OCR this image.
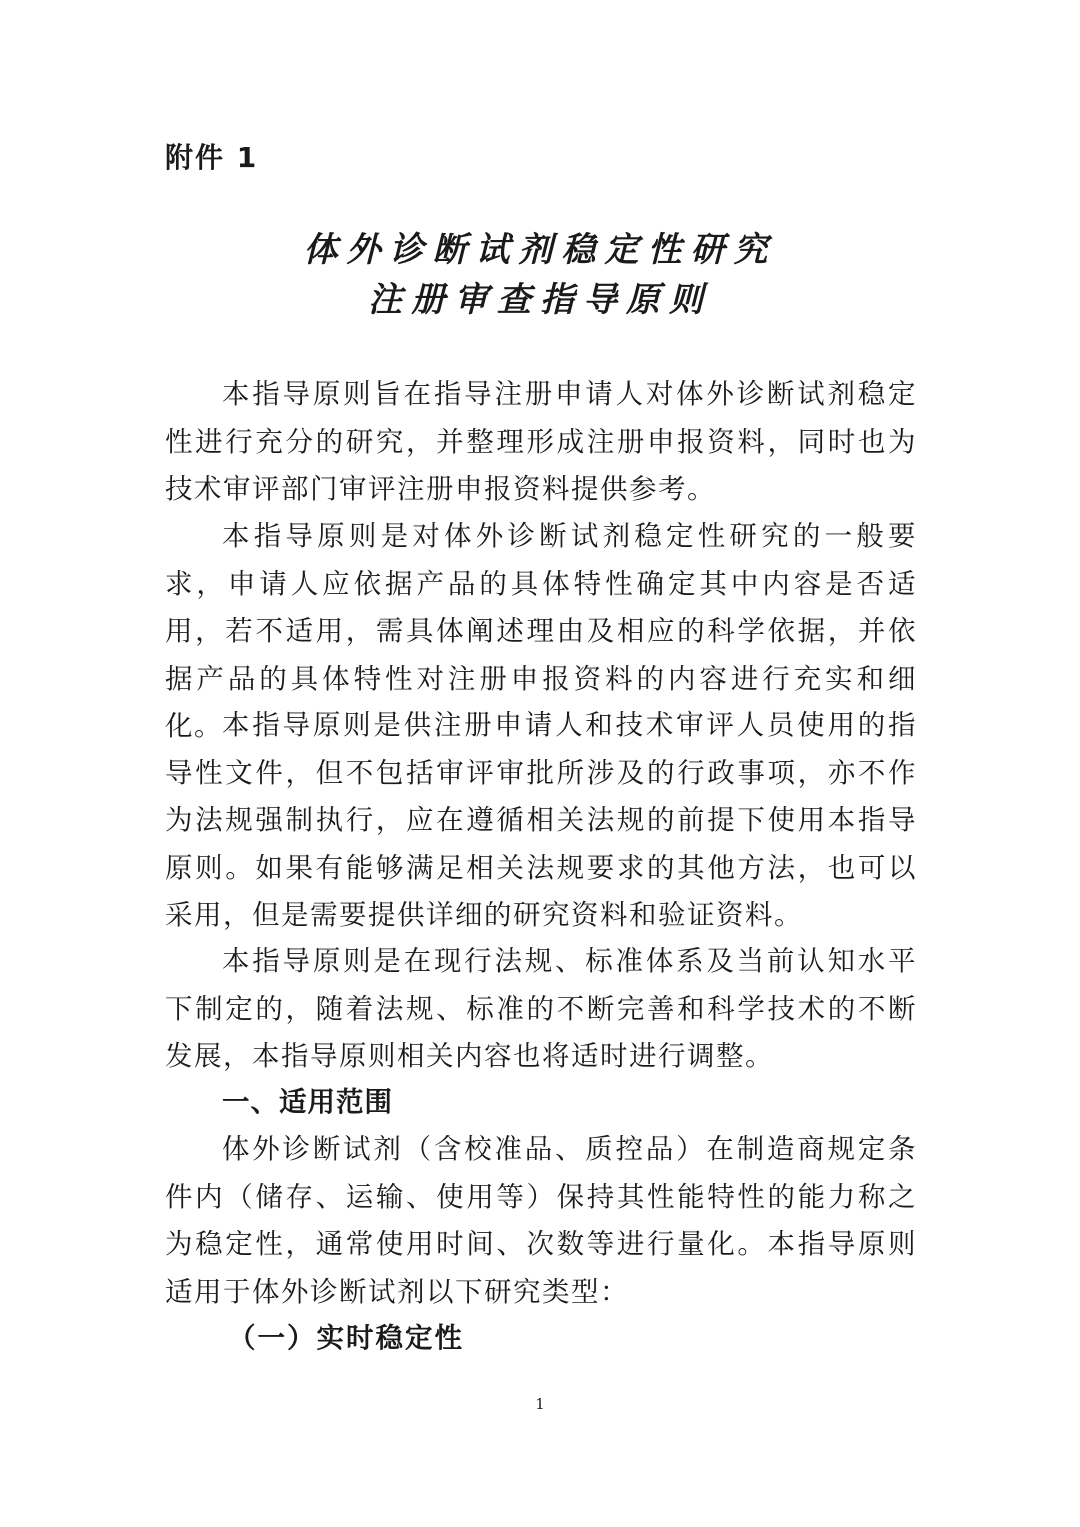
附件 1
体外诊断试剂稳定性研究
注册审查指导原则

本指导原则旨在指导注册申请人对体外诊断试剂稳定性进行充分的研究，并整理形成注册申报资料，同时也为技术审评部门审评注册申报资料提供参考。

本指导原则是对体外诊断试剂稳定性研究的一般要求，申请人应依据产品的具体特性确定其中内容是否适用，若不适用，需具体阐述理由及相应的科学依据，并依据产品的具体特性对注册申报资料的内容进行充实和细化。 本指导原则是供注册申请人和技术审评人员使用的指导性文件，但不包括审评审批所涉及的行政事项，亦不作为法规强制执行，应在遵循相关法规的前提下使用本指导原则。如果有能够满足相关法规要求的其他方法，也可以采用，但是需要提供详细的研究资料和验证资料。

本指导原则是在现行法规、标准体系及当前认知水平下制定的，随着法规、标准的不断完善和科学技术的不断发展，本指导原则相关内容也将适时进行调整。

一、适用范围

体外诊断试剂（含校准品、质控品）在制造商规定条件内（储存、运输、使用等）保持其性能特性的能力称之为稳定性，通常使用时间、次数等进行量化。本指导原则适用于体外诊断试剂以下研究类型：

（一）实时稳定性
1
